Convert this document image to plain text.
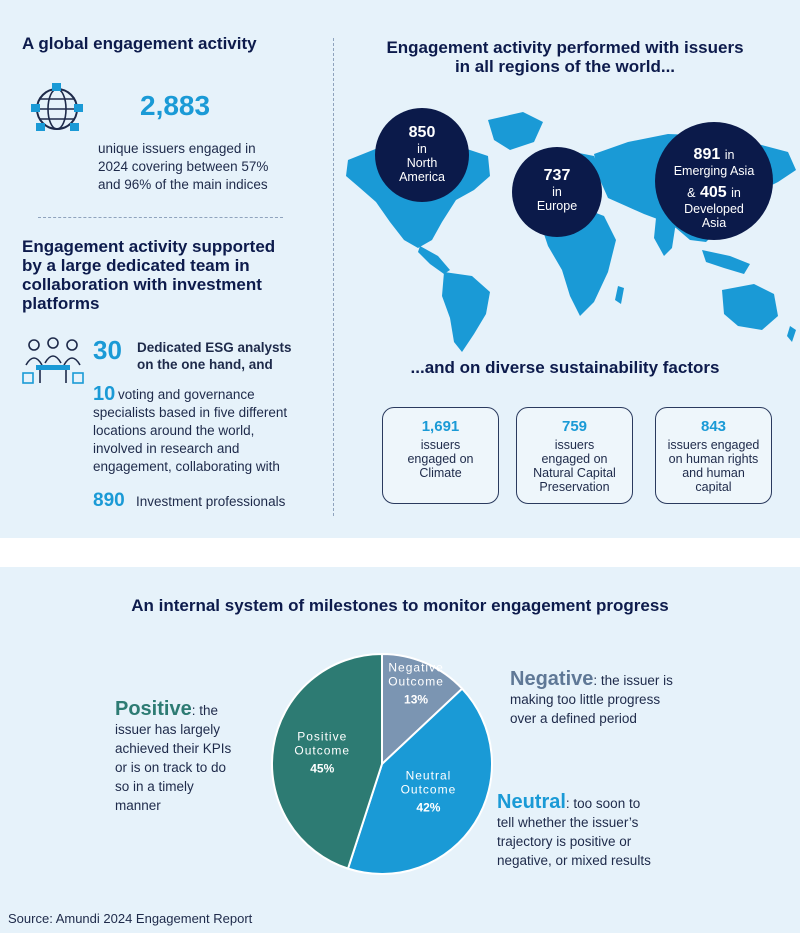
A global engagement activity
2,883
unique issuers engaged in
2024 covering between 57%
and 96% of the main indices
Engagement activity supported
by a large dedicated team in
collaboration with investment
platforms
30 Dedicated ESG analysts
on the one hand, and
10 voting and governance
specialists based in five different
locations around the world,
involved in research and
engagement, collaborating with
890 Investment professionals
Engagement activity performed with issuers
in all regions of the world...
850
in
North
America	737
in
Europe
891 in
Emerging Asia
& 405 in
Developed
Asia
...and on diverse sustainability factors
1,691
issuers
engaged on
Climate
759
issuers
engaged on
Natural Capital
Preservation
843
issuers engaged
on human rights
and human
capital
An internal system of milestones to monitor engagement progress
Negative
Outcome
13%
Neutral
Outcome
42%
Positive
Outcome
45%
Positive: the
issuer has largely
achieved their KPIs
or is on track to do
so in a timely
manner
Negative: the issuer is
making too little progress
over a defined period
Neutral: too soon to
tell whether the issuer’s
trajectory is positive or
negative, or mixed results
Source: Amundi 2024 Engagement Report
